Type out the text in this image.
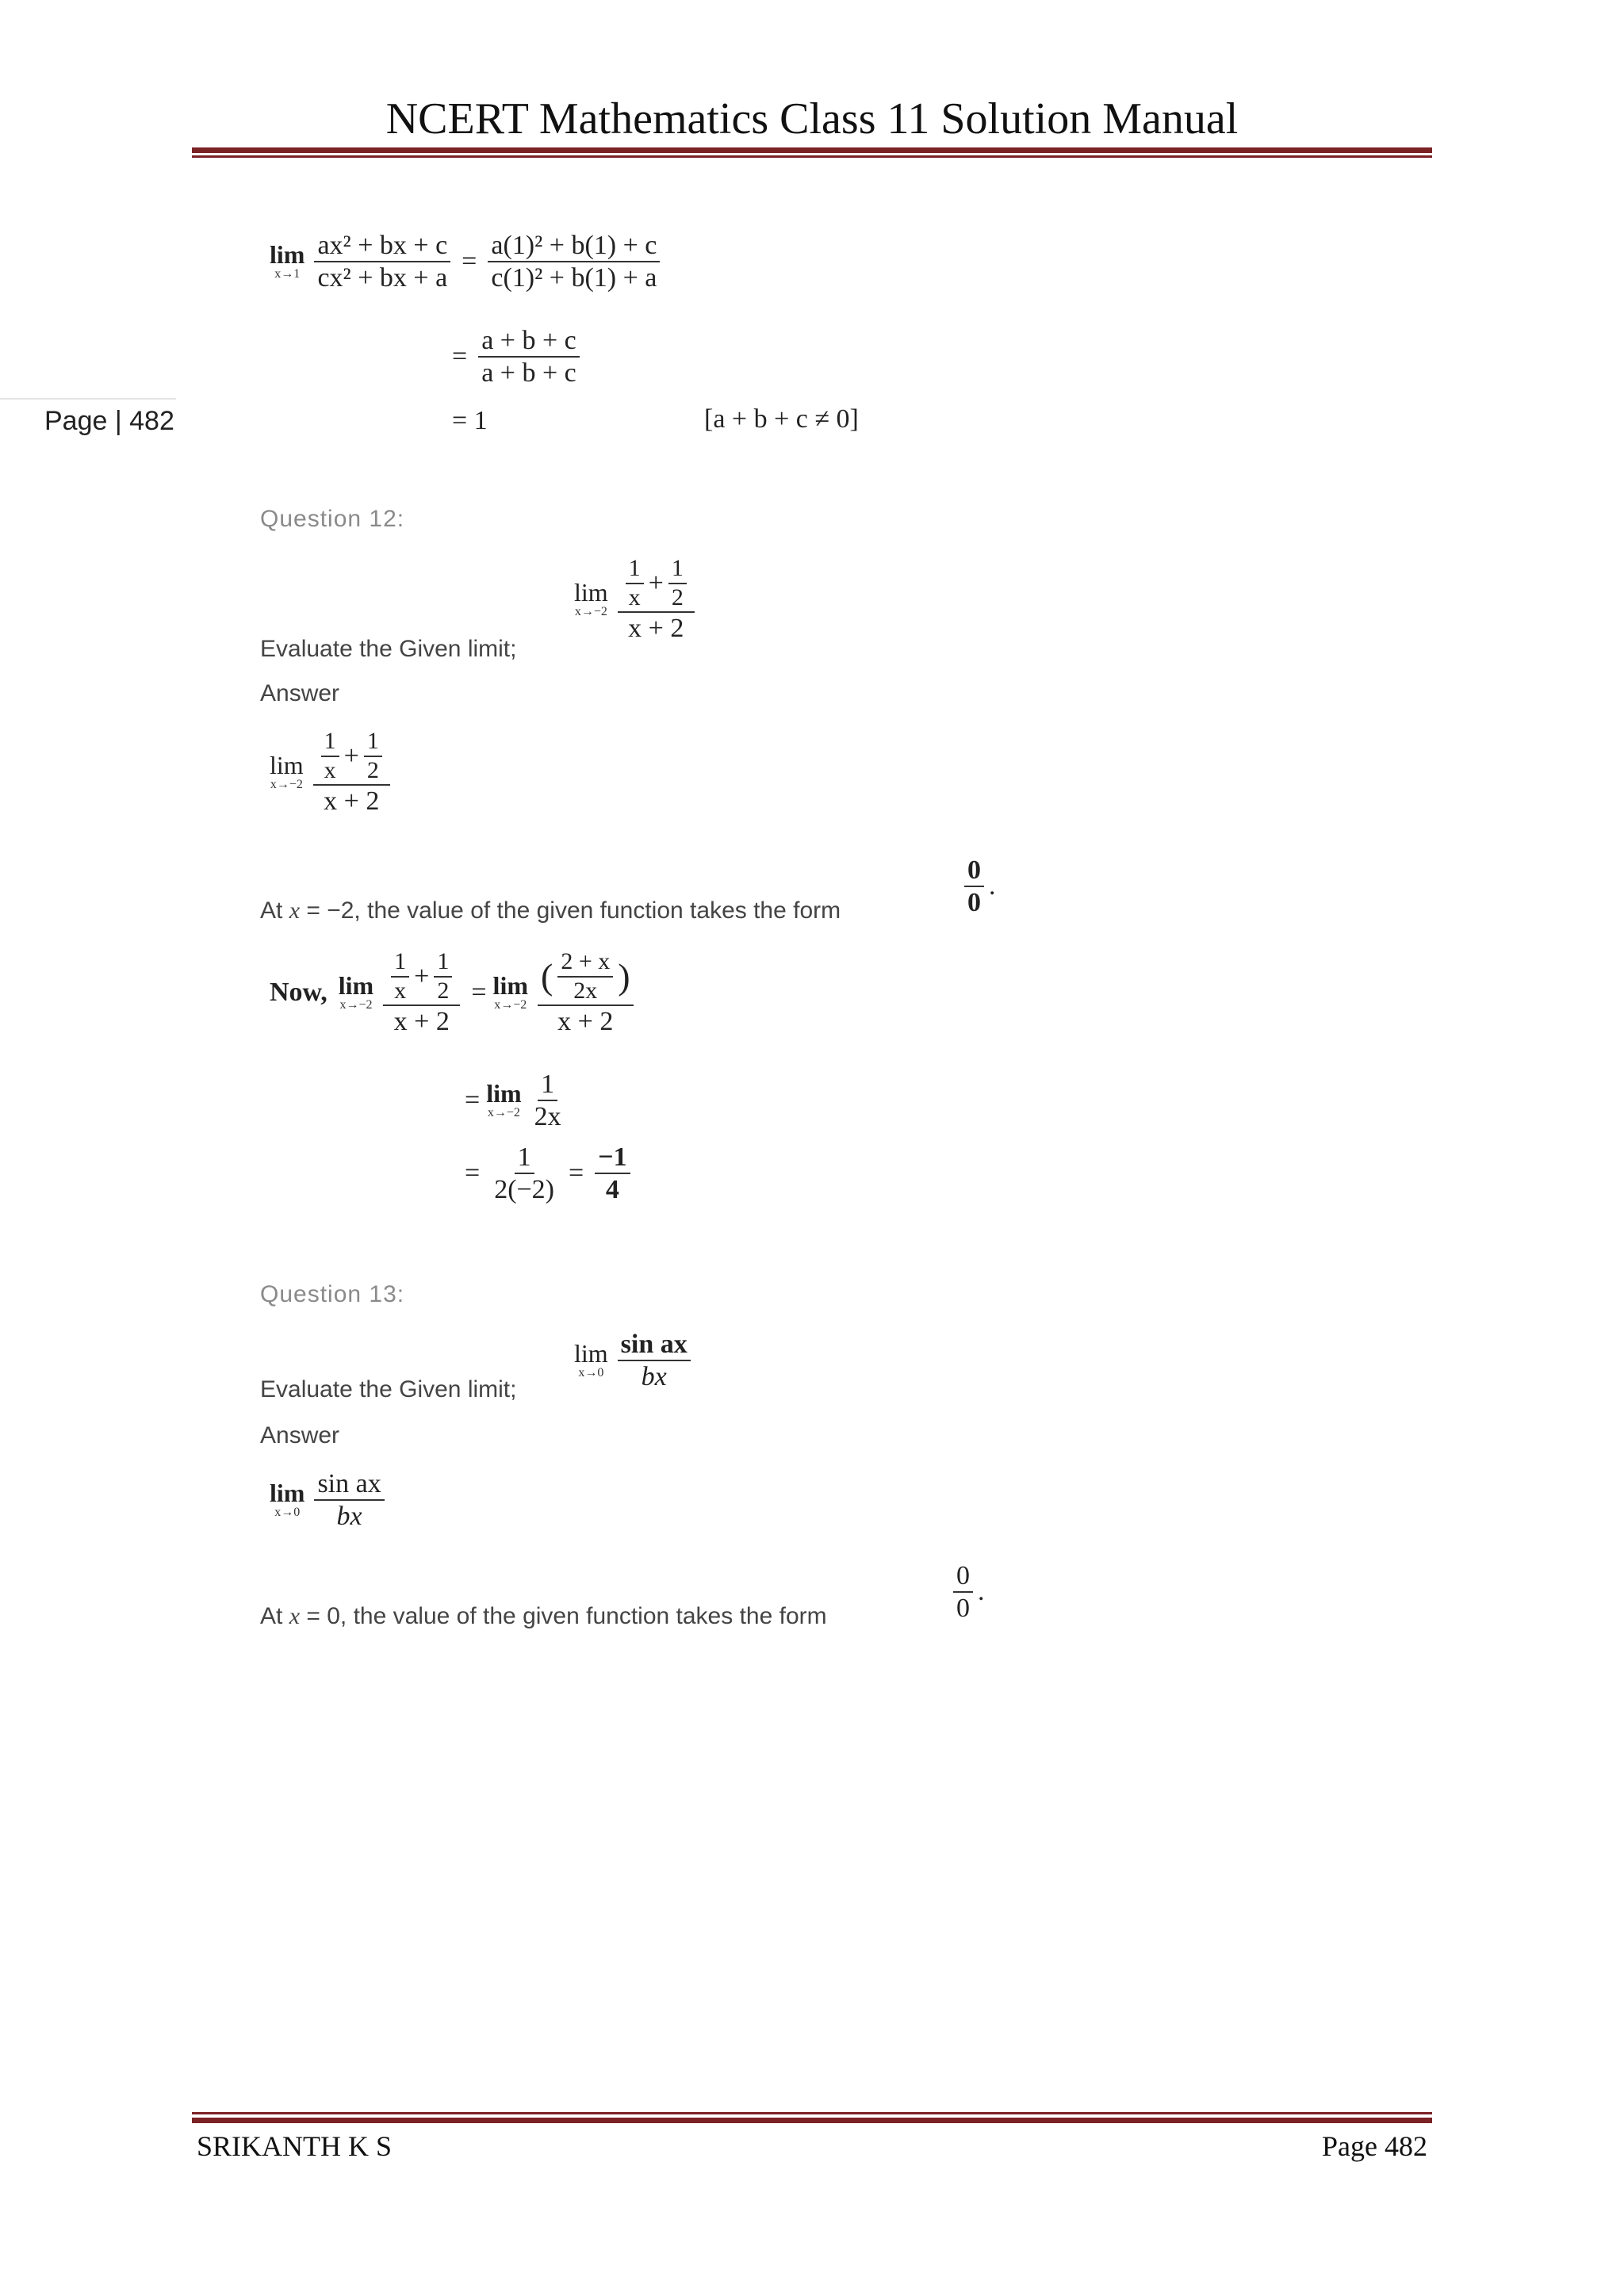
NCERT Mathematics Class 11 Solution Manual
Page | 482
lim
$x\to 1 \frac{\text{ax² + bx + c}}{\text{cx² + bx + a}} = \frac{\text{a(1)² + b(1) + c}}{\text{c(1)² + b(1) + a}}$
= $\frac{a + b + c}{a + b + c}$
= 1	[a + b + c ≠ 0]
Question 12:
Evaluate the Given limit;
lim
$x\to-2 \frac{\frac{1}{x} + \frac{1}{2}}{x + 2}$
Answer
lim
$x\to-2 \frac{\frac{1}{x} + \frac{1}{2}}{x + 2}$
At x = −2, the value of the given function takes the form	$\frac{0}{0}$ .
Now, lim
$x\to-2 \frac{\frac{1}{x} + \frac{1}{2}}{x + 2} = \lim$
$x\to-2 \frac{( \frac{2 + x}{2x} )}{x + 2}$
= lim
$x\to-2 \frac{1}{2x}$
= $\frac{1}{2(-2)} = \frac{-1}{4}$
Question 13:
Evaluate the Given limit;
lim
$x\to 0 \frac{\text{sin ax}}{bx}$
Answer
lim
$x\to 0 \frac{\text{sin ax}}{bx}$
At x = 0, the value of the given function takes the form	$\frac{0}{0}$ .
SRIKANTH K S	Page 482
